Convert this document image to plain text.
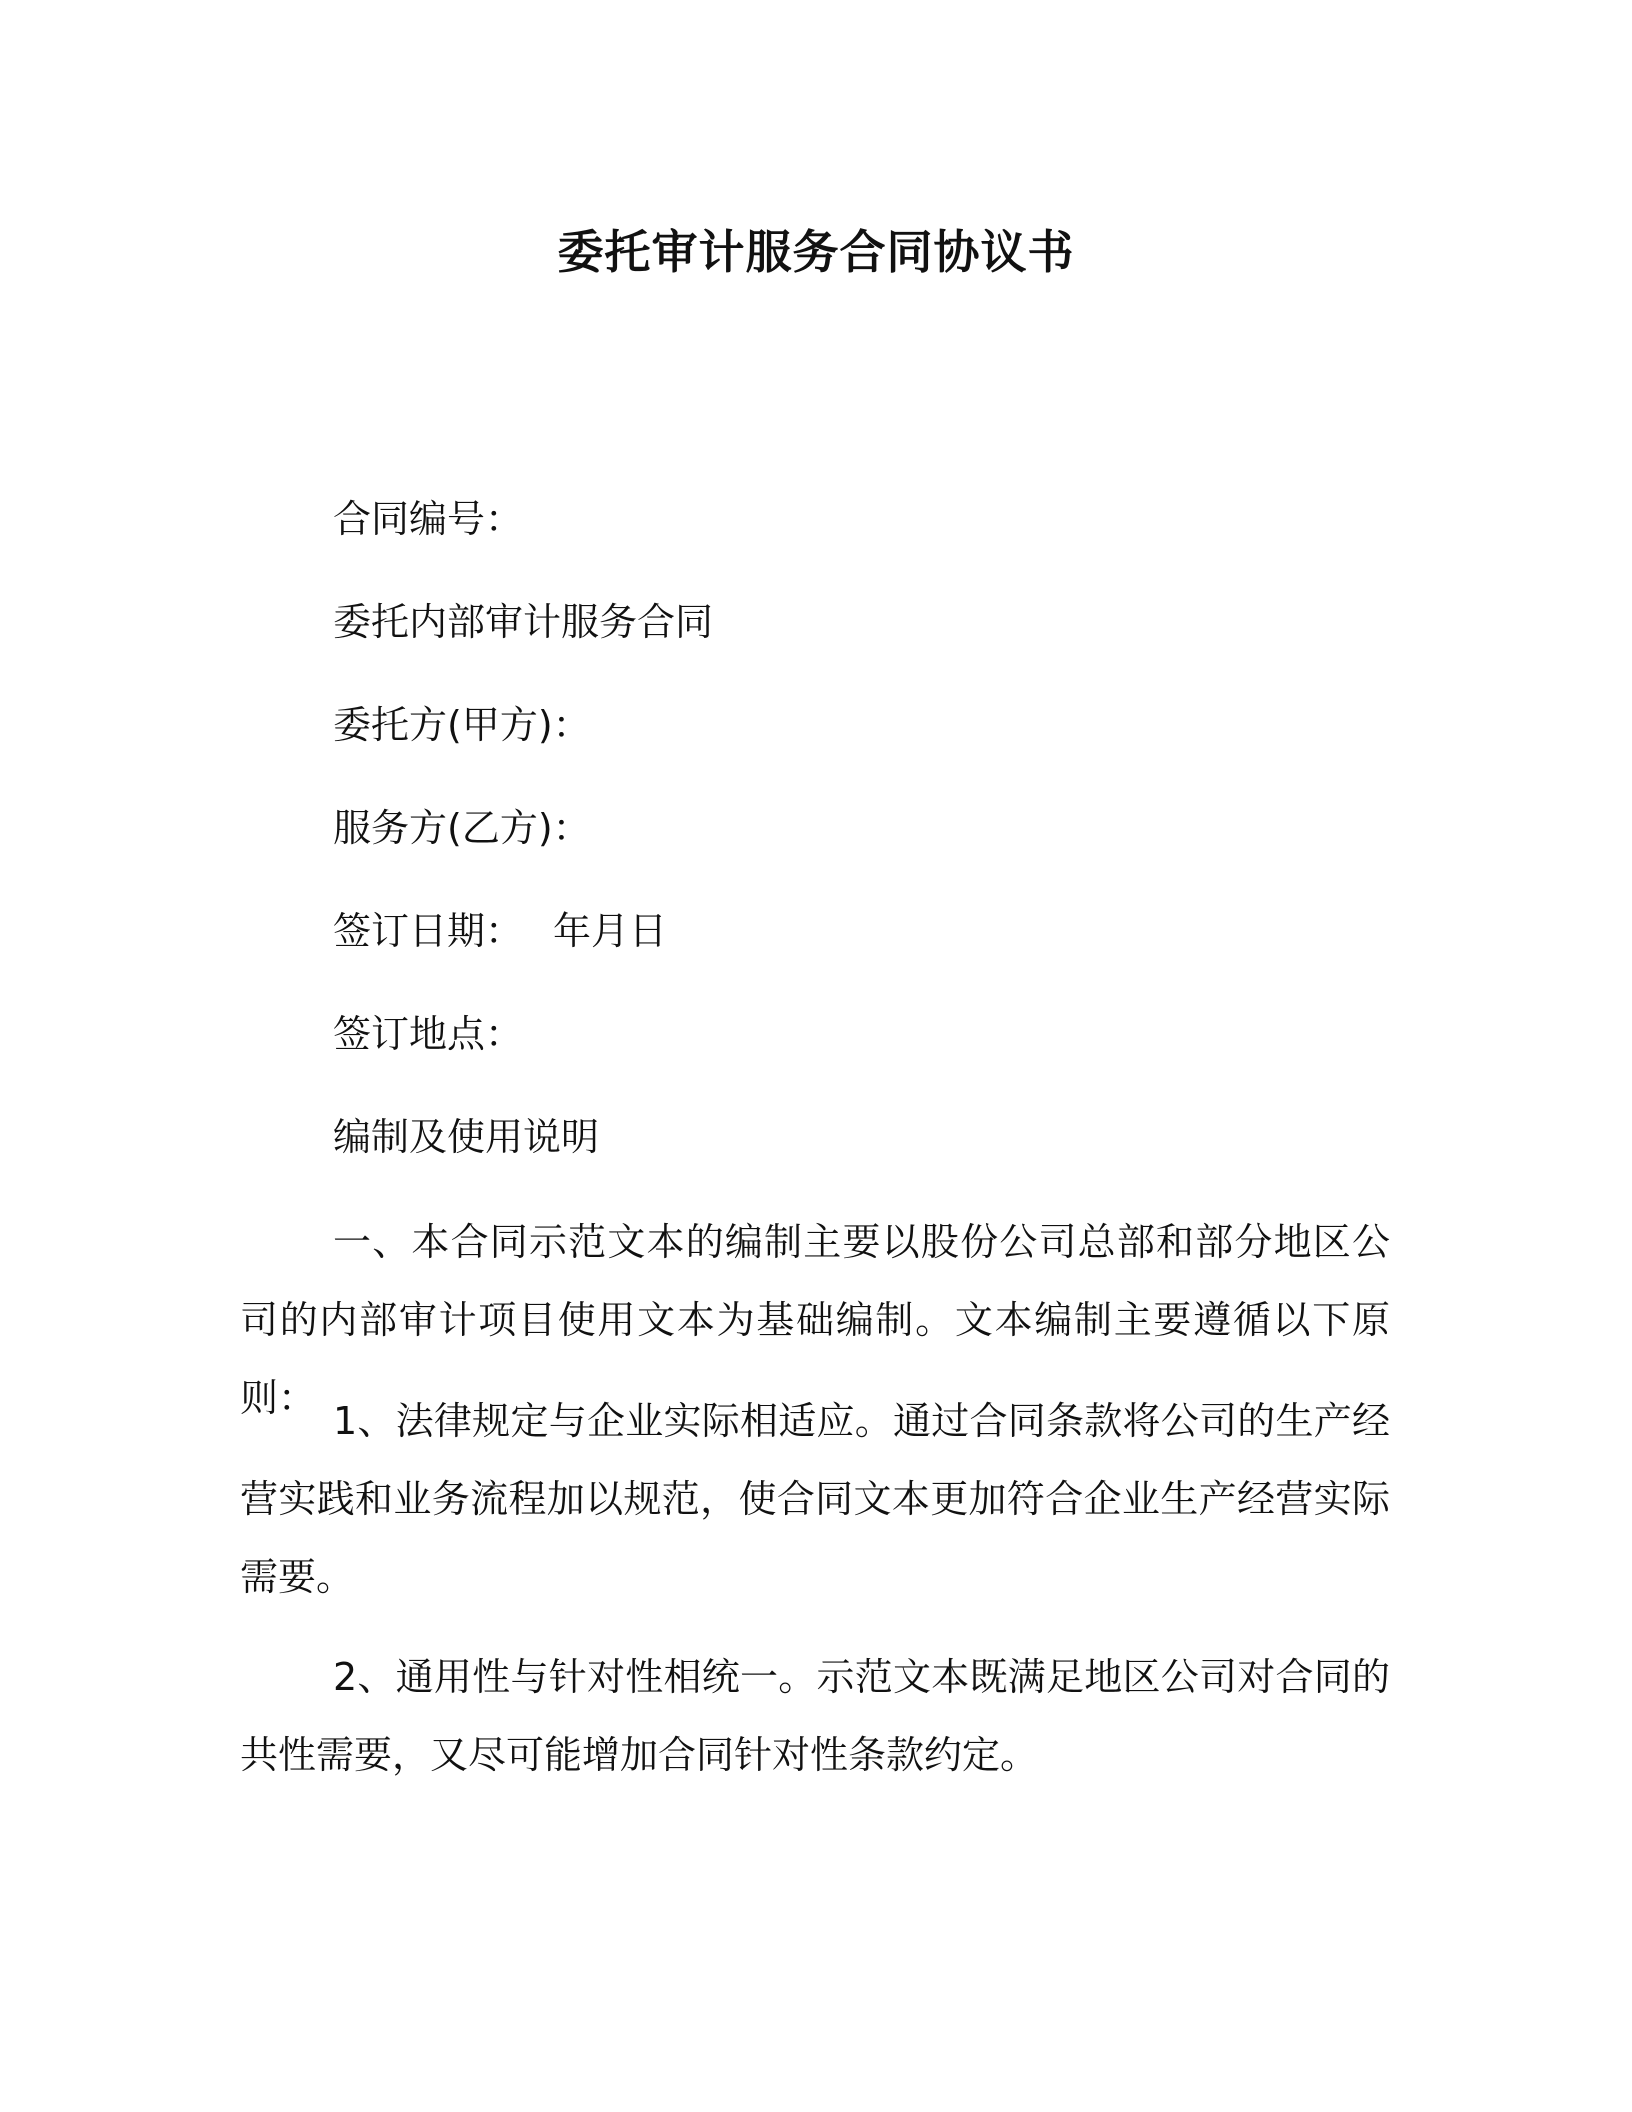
委托审计服务合同协议书
合同编号：
委托内部审计服务合同
委托方(甲方)：
服务方(乙方)：
签订日期： 年月日
签订地点：
编制及使用说明
一、本合同示范文本的编制主要以股份公司总部和部分地区公司的内部审计项目使用文本为基础编制。文本编制主要遵循以下原则：
1、法律规定与企业实际相适应。通过合同条款将公司的生产经营实践和业务流程加以规范，使合同文本更加符合企业生产经营实际需要。
2、通用性与针对性相统一。示范文本既满足地区公司对合同的共性需要，又尽可能增加合同针对性条款约定。
